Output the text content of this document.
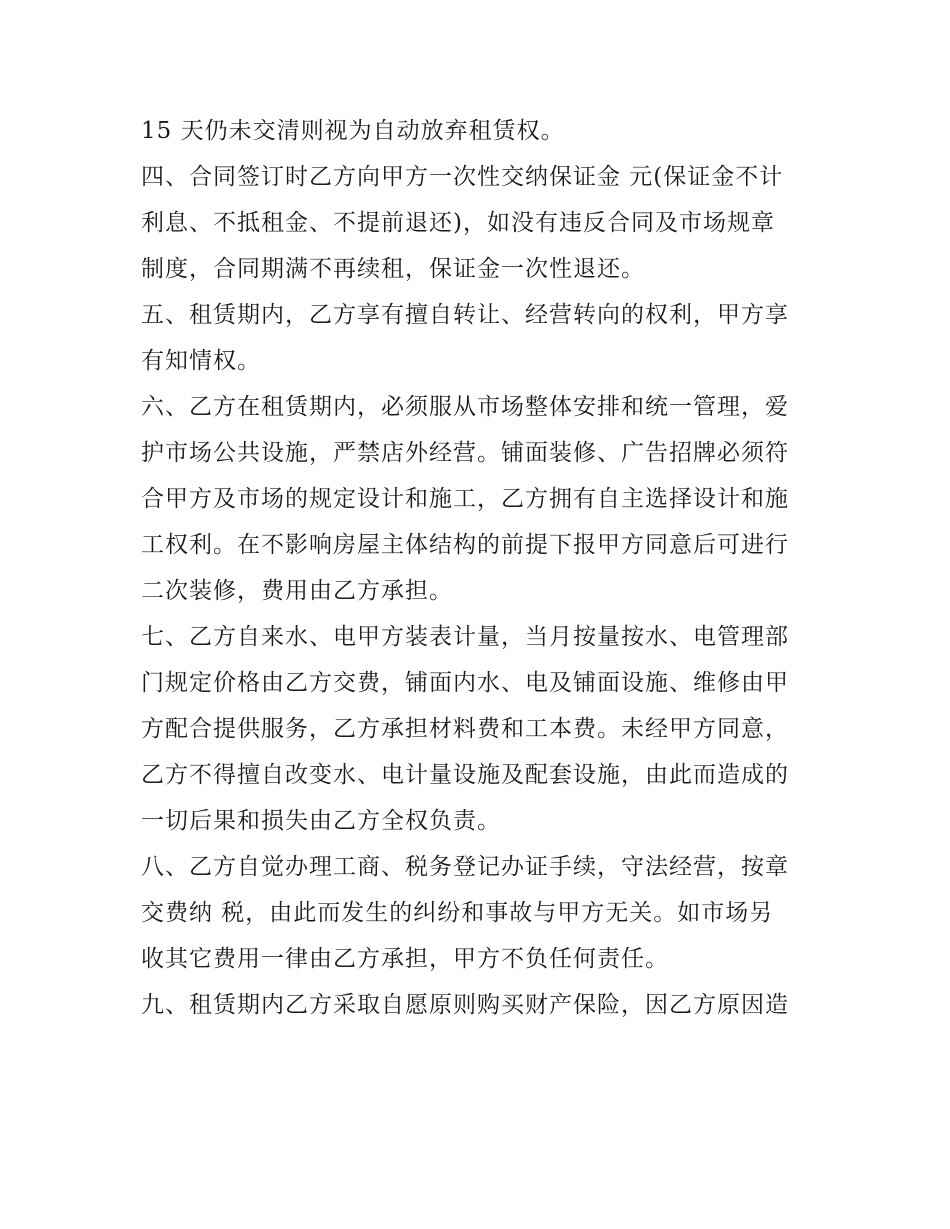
15 天仍未交清则视为自动放弃租赁权。

四、合同签订时乙方向甲方一次性交纳保证金 元(保证金不计
利息、不抵租金、不提前退还)，如没有违反合同及市场规章
制度，合同期满不再续租，保证金一次性退还。

五、租赁期内，乙方享有擅自转让、经营转向的权利，甲方享
有知情权。

六、乙方在租赁期内，必须服从市场整体安排和统一管理，爱
护市场公共设施，严禁店外经营。铺面装修、广告招牌必须符
合甲方及市场的规定设计和施工，乙方拥有自主选择设计和施
工权利。在不影响房屋主体结构的前提下报甲方同意后可进行
二次装修，费用由乙方承担。

七、乙方自来水、电甲方装表计量，当月按量按水、电管理部
门规定价格由乙方交费，铺面内水、电及铺面设施、维修由甲
方配合提供服务，乙方承担材料费和工本费。未经甲方同意，
乙方不得擅自改变水、电计量设施及配套设施，由此而造成的
一切后果和损失由乙方全权负责。

八、乙方自觉办理工商、税务登记办证手续，守法经营，按章
交费纳 税，由此而发生的纠纷和事故与甲方无关。如市场另
收其它费用一律由乙方承担，甲方不负任何责任。

九、租赁期内乙方采取自愿原则购买财产保险，因乙方原因造
